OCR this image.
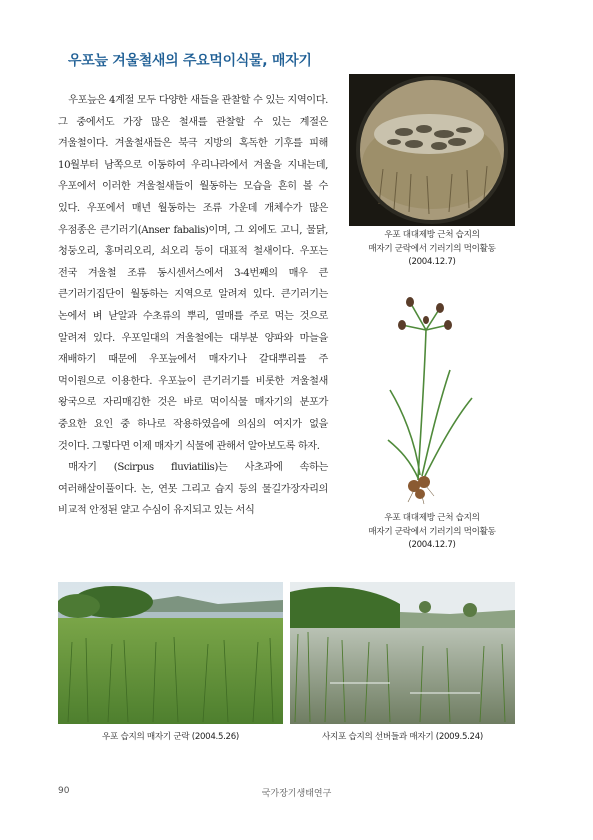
우포늪 겨울철새의 주요먹이식물, 매자기

우포늪은 4계절 모두 다양한 새들을 관찰할 수 있는 지역이다. 그 중에서도 가장 많은 철새를 관찰할 수 있는 계절은 겨울철이다. 겨울철새들은 북극 지방의 혹독한 기후를 피해 10월부터 남쪽으로 이동하여 우리나라에서 겨울을 지내는데, 우포에서 이러한 겨울철새들이 월동하는 모습을 흔히 볼 수 있다. 우포에서 매년 월동하는 조류 가운데 개체수가 많은 우점종은 큰기러기(Anser fabalis)이며, 그 외에도 고니, 물닭, 청둥오리, 홍머리오리, 쇠오리 등이 대표적 철새이다. 우포는 전국 겨울철 조류 동시센서스에서 3-4번째의 매우 큰 큰기러기집단이 월동하는 지역으로 알려져 있다. 큰기러기는 논에서 벼 낟알과 수초류의 뿌리, 열매를 주로 먹는 것으로 알려져 있다. 우포일대의 겨울철에는 대부분 양파와 마늘을 재배하기 때문에 우포늪에서 매자기나 갈대뿌리를 주 먹이원으로 이용한다. 우포늪이 큰기러기를 비롯한 겨울철새 왕국으로 자리매김한 것은 바로 먹이식물 매자기의 분포가 중요한 요인 중 하나로 작용하였음에 의심의 여지가 없을 것이다. 그렇다면 이제 매자기 식물에 관해서 알아보도록 하자.

매자기 (Scirpus fluviatilis)는 사초과에 속하는 여러해살이풀이다. 논, 연못 그리고 습지 등의 물길가장자리의 비교적 안정된 얕고 수심이 유지되고 있는 서식

우포 대대제방 근처 습지의
매자기 군락에서 기러기의 먹이활동
(2004.12.7)
우포 대대제방 근처 습지의
매자기 군락에서 기러기의 먹이활동
(2004.12.7)
우포 습지의 매자기 군락 (2004.5.26)	사지포 습지의 선버들과 매자기 (2009.5.24)
90	국가장기생태연구
